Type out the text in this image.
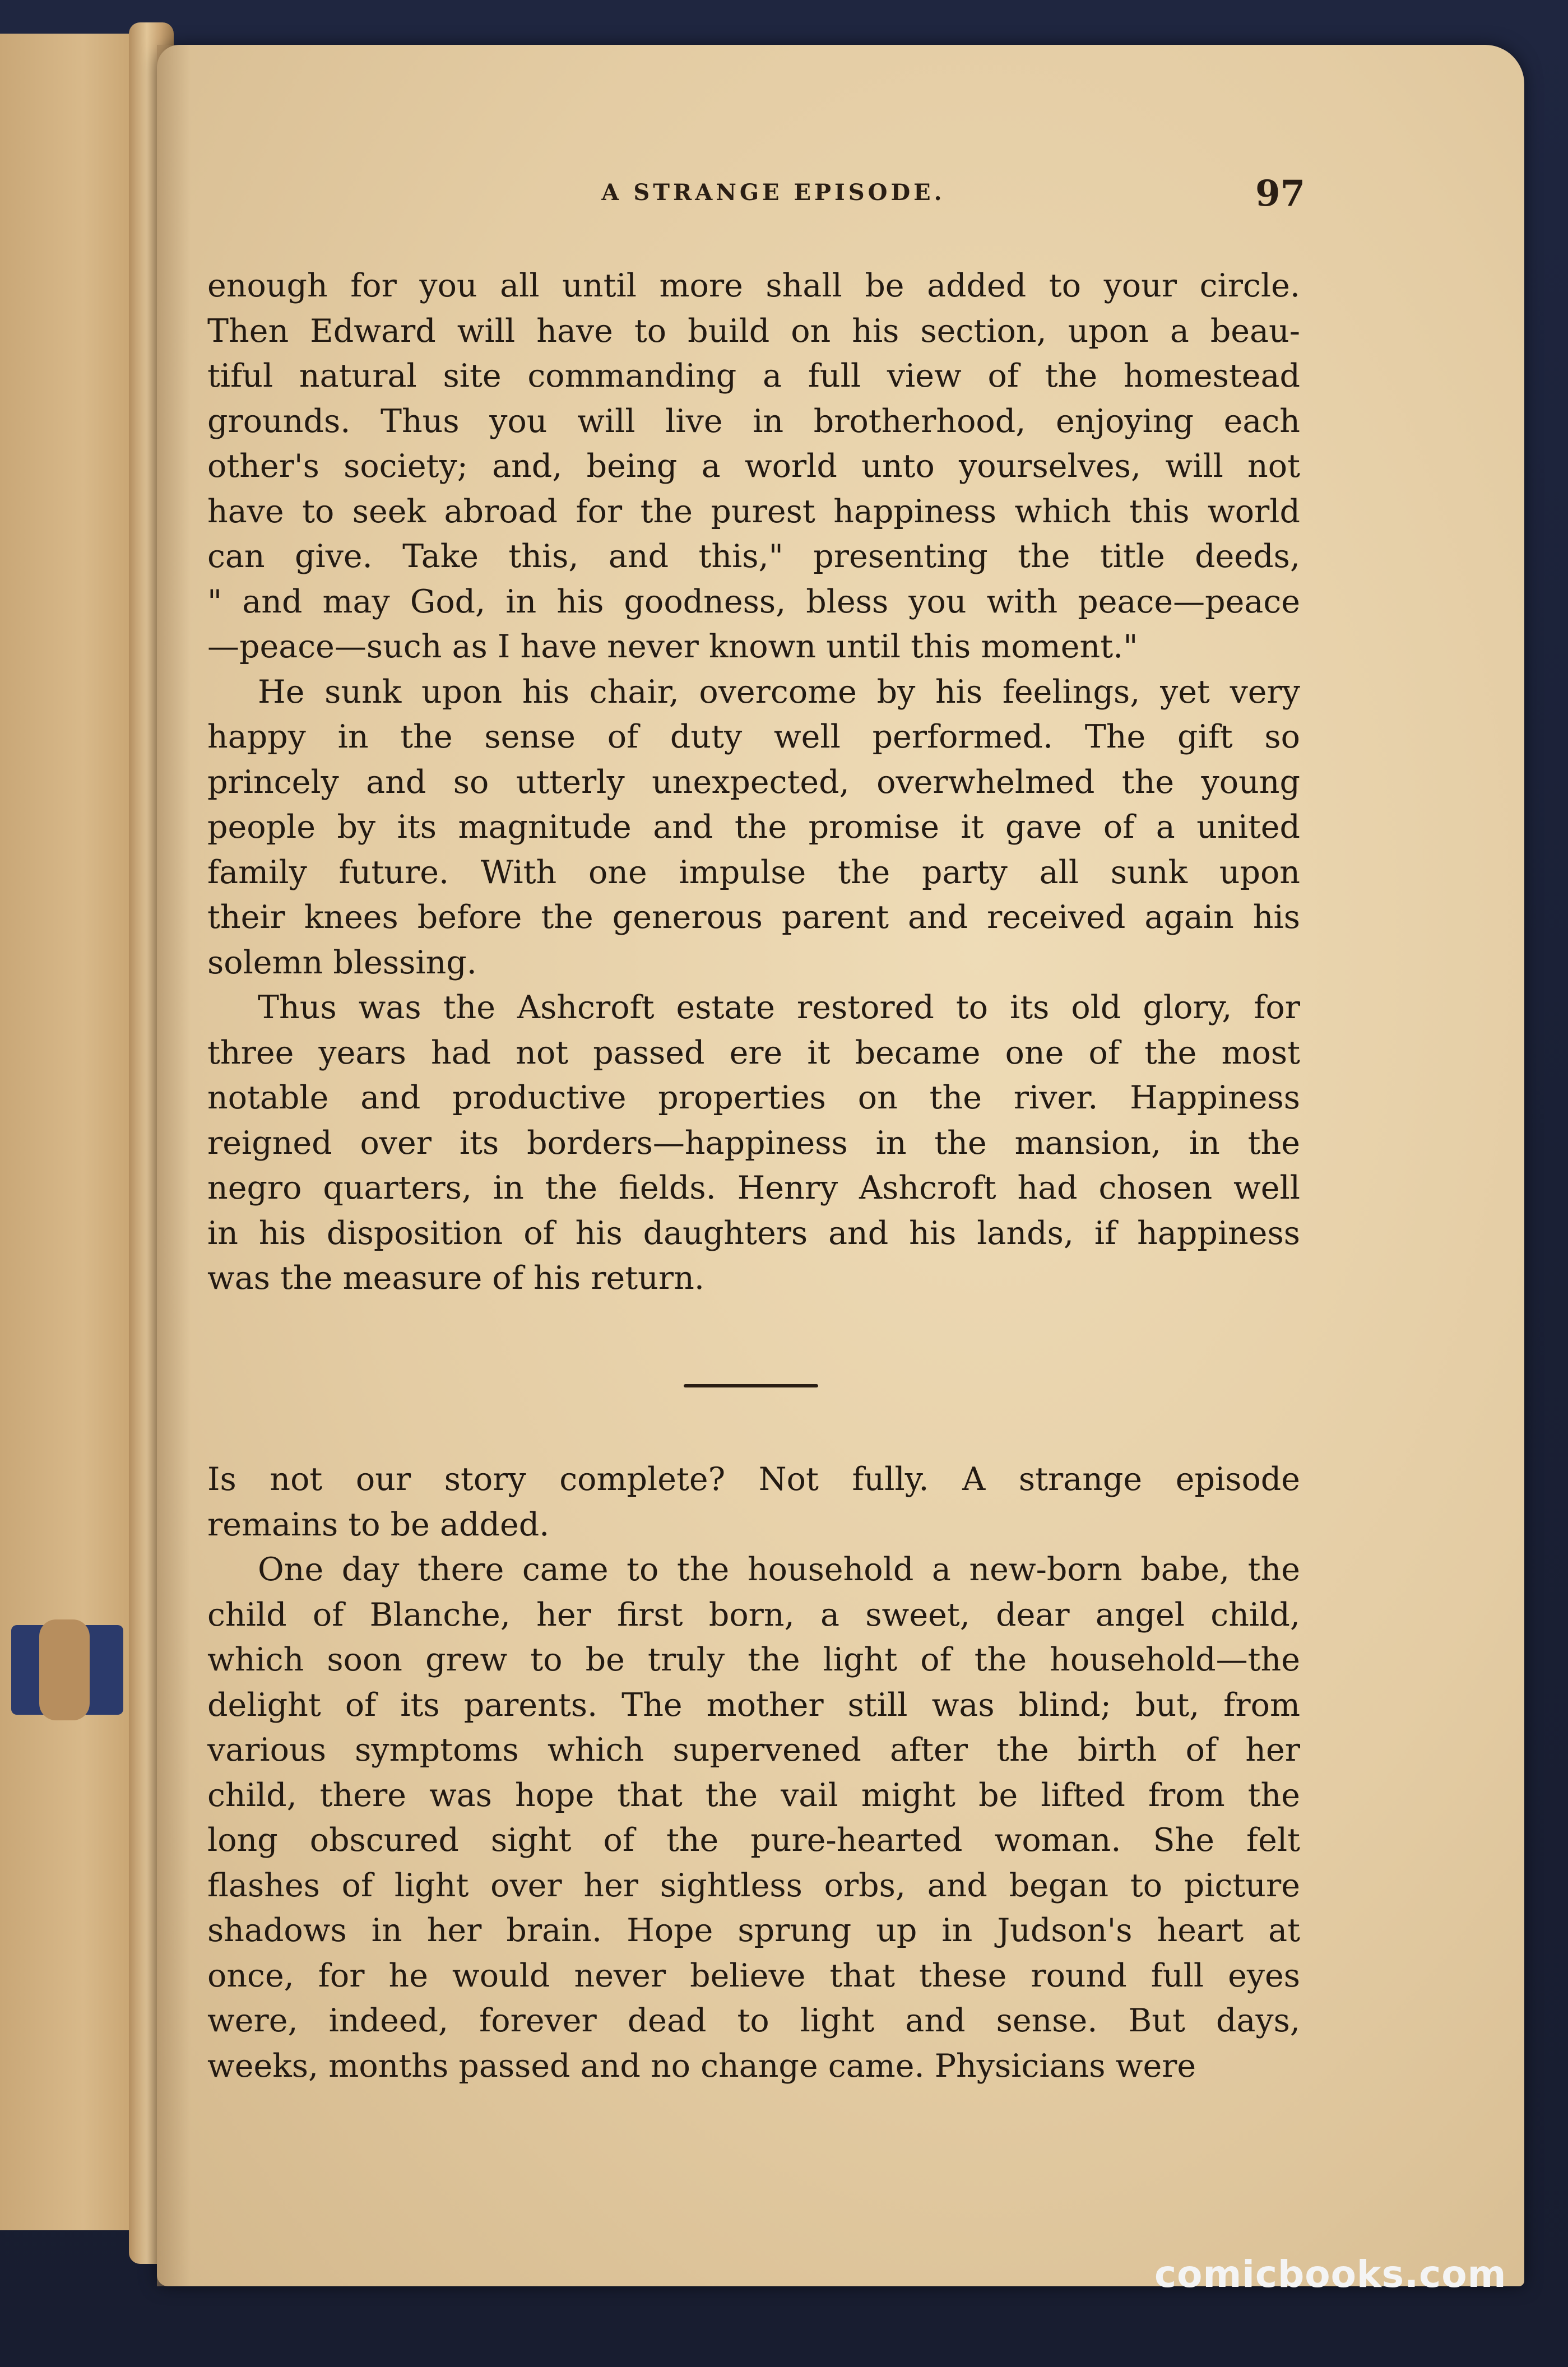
A STRANGE EPISODE.	97
enough for you all until more shall be added to your circle.
Then Edward will have to build on his section, upon a beau-
tiful natural site commanding a full view of the homestead
grounds. Thus you will live in brotherhood, enjoying each
other's society; and, being a world unto yourselves, will not
have to seek abroad for the purest happiness which this world
can give. Take this, and this," presenting the title deeds,
" and may God, in his goodness, bless you with peace—peace
—peace—such as I have never known until this moment."
He sunk upon his chair, overcome by his feelings, yet very
happy in the sense of duty well performed. The gift so
princely and so utterly unexpected, overwhelmed the young
people by its magnitude and the promise it gave of a united
family future. With one impulse the party all sunk upon
their knees before the generous parent and received again his
solemn blessing.
Thus was the Ashcroft estate restored to its old glory, for
three years had not passed ere it became one of the most
notable and productive properties on the river. Happiness
reigned over its borders—happiness in the mansion, in the
negro quarters, in the fields. Henry Ashcroft had chosen well
in his disposition of his daughters and his lands, if happiness
was the measure of his return.
Is not our story complete? Not fully. A strange episode
remains to be added.
One day there came to the household a new-born babe, the
child of Blanche, her first born, a sweet, dear angel child,
which soon grew to be truly the light of the household—the
delight of its parents. The mother still was blind; but, from
various symptoms which supervened after the birth of her
child, there was hope that the vail might be lifted from the
long obscured sight of the pure-hearted woman. She felt
flashes of light over her sightless orbs, and began to picture
shadows in her brain. Hope sprung up in Judson's heart at
once, for he would never believe that these round full eyes
were, indeed, forever dead to light and sense. But days,
weeks, months passed and no change came. Physicians were
comicbooks.com
